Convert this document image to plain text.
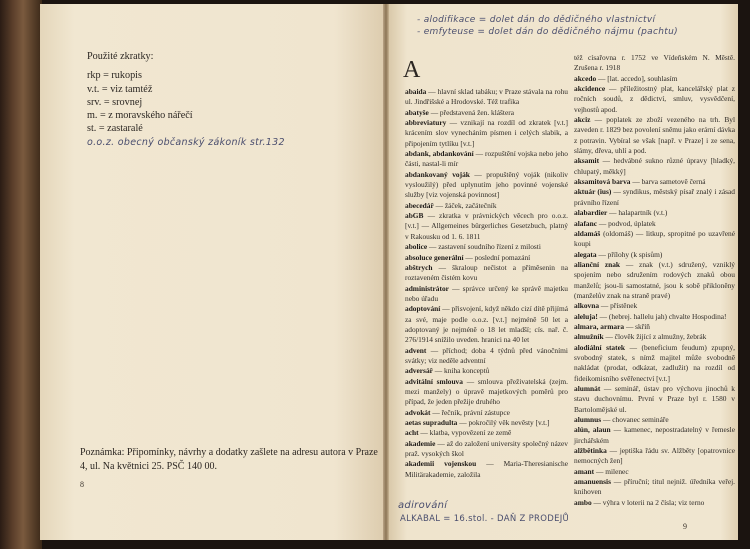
Použité zkratky:
rkp = rukopis
v.t. = viz tamtéž
srv. = srovnej
m. = z moravského nářečí
st. = zastaralé
o.o.z. obecný občanský zákoník str.132
Poznámka: Připomínky, návrhy a dodatky zašlete na adresu autora v Praze 4, ul. Na květnici 25. PSČ 140 00.
8
- alodifikace = dolet dán do dědičného vlastnictví
- emfyteuse = dolet dán do dědičného nájmu (pachtu)
A

abaida — hlavní sklad tabáku; v Praze stávala na rohu ul. Jindřišské a Hrodovské. Též trafika

abatyše — představená žen. kláštera

abbreviatury — vznikají na rozdíl od zkratek [v.t.] krácením slov vynecháním písmen i celých slabik, a připojením tytlíku [v.t.]

abdank, abdankování — rozpuštění vojska nebo jeho části, nastal-li mír

abdankovaný voják — propuštěný voják (nikoliv vysloužilý) před uplynutím jeho povinné vojenské služby [viz vojenská povinnost]

abecedář — žáček, začátečník

abGB — zkratka v právnických věcech pro o.o.z. [v.t.] — Allgemeines bürgerliches Gesetzbuch, platný v Rakousku od 1. 6. 1811

abolice — zastavení soudního řízení z milosti

absoluce generální — poslední pomazání

abštrych — škraloup nečistot a příměsenin na roztaveném čistém kovu

administrátor — správce určený ke správě majetku nebo úřadu

adoptování — přisvojení, když někdo cizí dítě přijímá za své, maje podle o.o.z. [v.t.] nejméně 50 let a adoptovaný je nejméně o 18 let mladší; cís. nař. č. 276/1914 snížilo uveden. hranici na 40 let

advent — příchod; doba 4 týdnů před vánočními svátky; viz neděle adventní

adversář — kniha konceptů

advitální smlouva — smlouva přeživatelská (zejm. mezi manžely) o úpravě majetkových poměrů pro případ, že jeden přežije druhého

advokát — řečník, právní zástupce

aetas supradulta — pokročilý věk nevěsty [v.t.]

acht — klatba, vypovězení ze země

akademie — až do založení university společný název praž. vysokých škol

akademii vojenskou — Maria-Theresianische Militärakademie, založila

též císařovna r. 1752 ve Vídeňském N. Městě. Zrušena r. 1918

akcedo — [lat. accedo], souhlasím

akcidence — příležitostný plat, kancelářský plat z ročních soudů, z dědictví, smluv, vysvědčení, vejhostů apod.

akciz — poplatek ze zboží vezeného na trh. Byl zaveden r. 1829 bez povolení sněmu jako erární dávka z potravin. Vybíral se však [např. v Praze] i ze sena, slámy, dřeva, uhlí a pod.

aksamit — hedvábné sukno různé úpravy [hladký, chlupatý, měkký]

aksamitová barva — barva sametově černá

aktuár (ius) — syndikus, městský písař znalý i zásad právního řízení

alabardier — halapartník (v.t.)

alafanc — podvod, úplatek

aldamáš (oldomáš) — litkup, spropitné po uzavřené koupi

alegata — přílohy (k spisům)

alianční znak — znak (v.t.) sdružený, vzniklý spojením nebo sdružením rodových znaků obou manželů; jsou-li samostatné, jsou k sobě přikloněny (manželův znak na straně pravé)

alkovna — přístěnek

aleluja! — (hebrej. hallelu jah) chvalte Hospodina!

almara, armara — skříň

almužník — člověk žijící z almužny, žebrák

alodiální statek — (beneficium feudum) zpupný, svobodný statek, s nímž majitel může svobodně nakládat (prodat, odkázat, zadlužit) na rozdíl od fideikomisního svěřenectví [v.t.]

alumnát — seminář, ústav pro výchovu jinochů k stavu duchovnímu. První v Praze byl r. 1580 v Bartolomějské ul.

alumnus — chovanec semináře

alún, alaun — kamenec, nepostradatelný v řemesle jirchářském

alžbětinka — jeptiška řádu sv. Alžběty [opatrovnice nemocných žen]

amant — milenec

amanuensis — příruční; titul nejniž. úředníka veřej. knihoven

ambo — výhra v loterii na 2 čísla; viz terno

adirování
ALKABAL = 16.stol. - DAŇ Z PRODEJŮ
9
